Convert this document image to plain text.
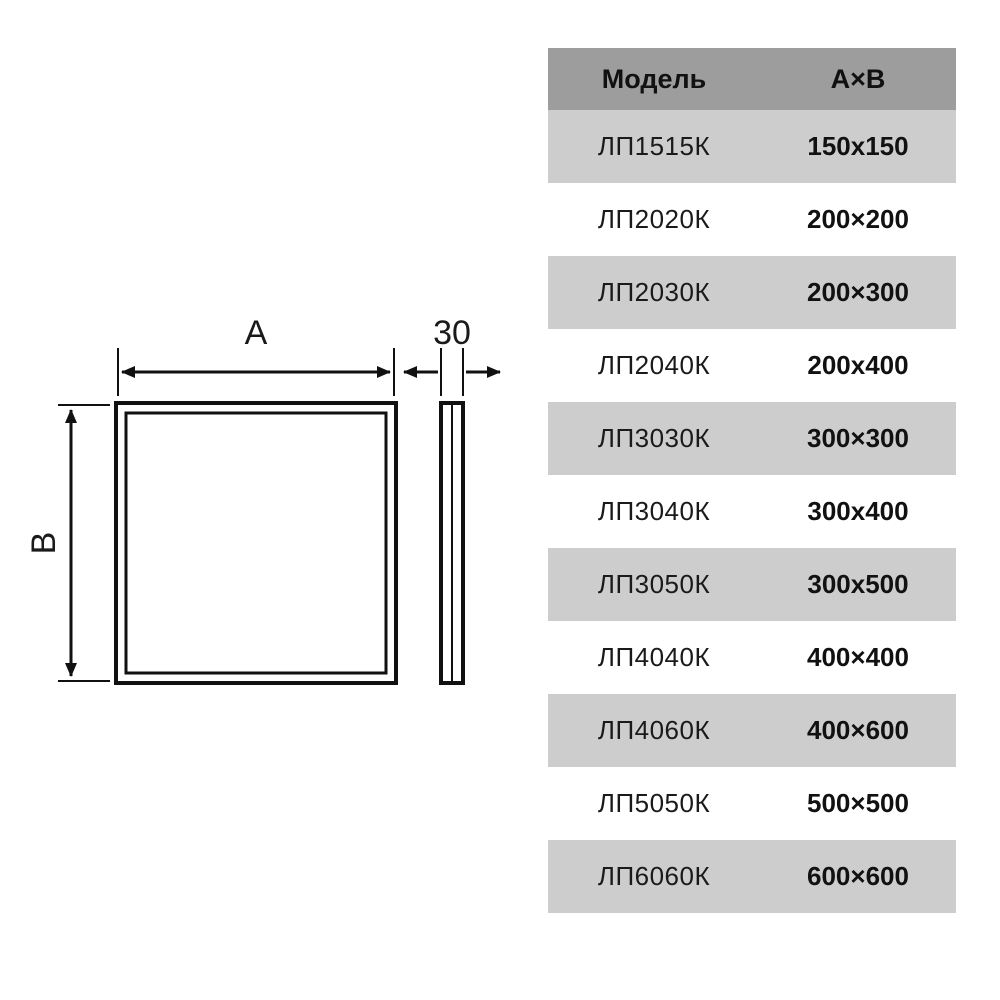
A
B
30
Модель	A×B
ЛП1515К	150x150
ЛП2020К	200×200
ЛП2030К	200×300
ЛП2040К	200x400
ЛП3030К	300×300
ЛП3040К	300x400
ЛП3050К	300x500
ЛП4040К	400×400
ЛП4060К	400×600
ЛП5050К	500×500
ЛП6060К	600×600
